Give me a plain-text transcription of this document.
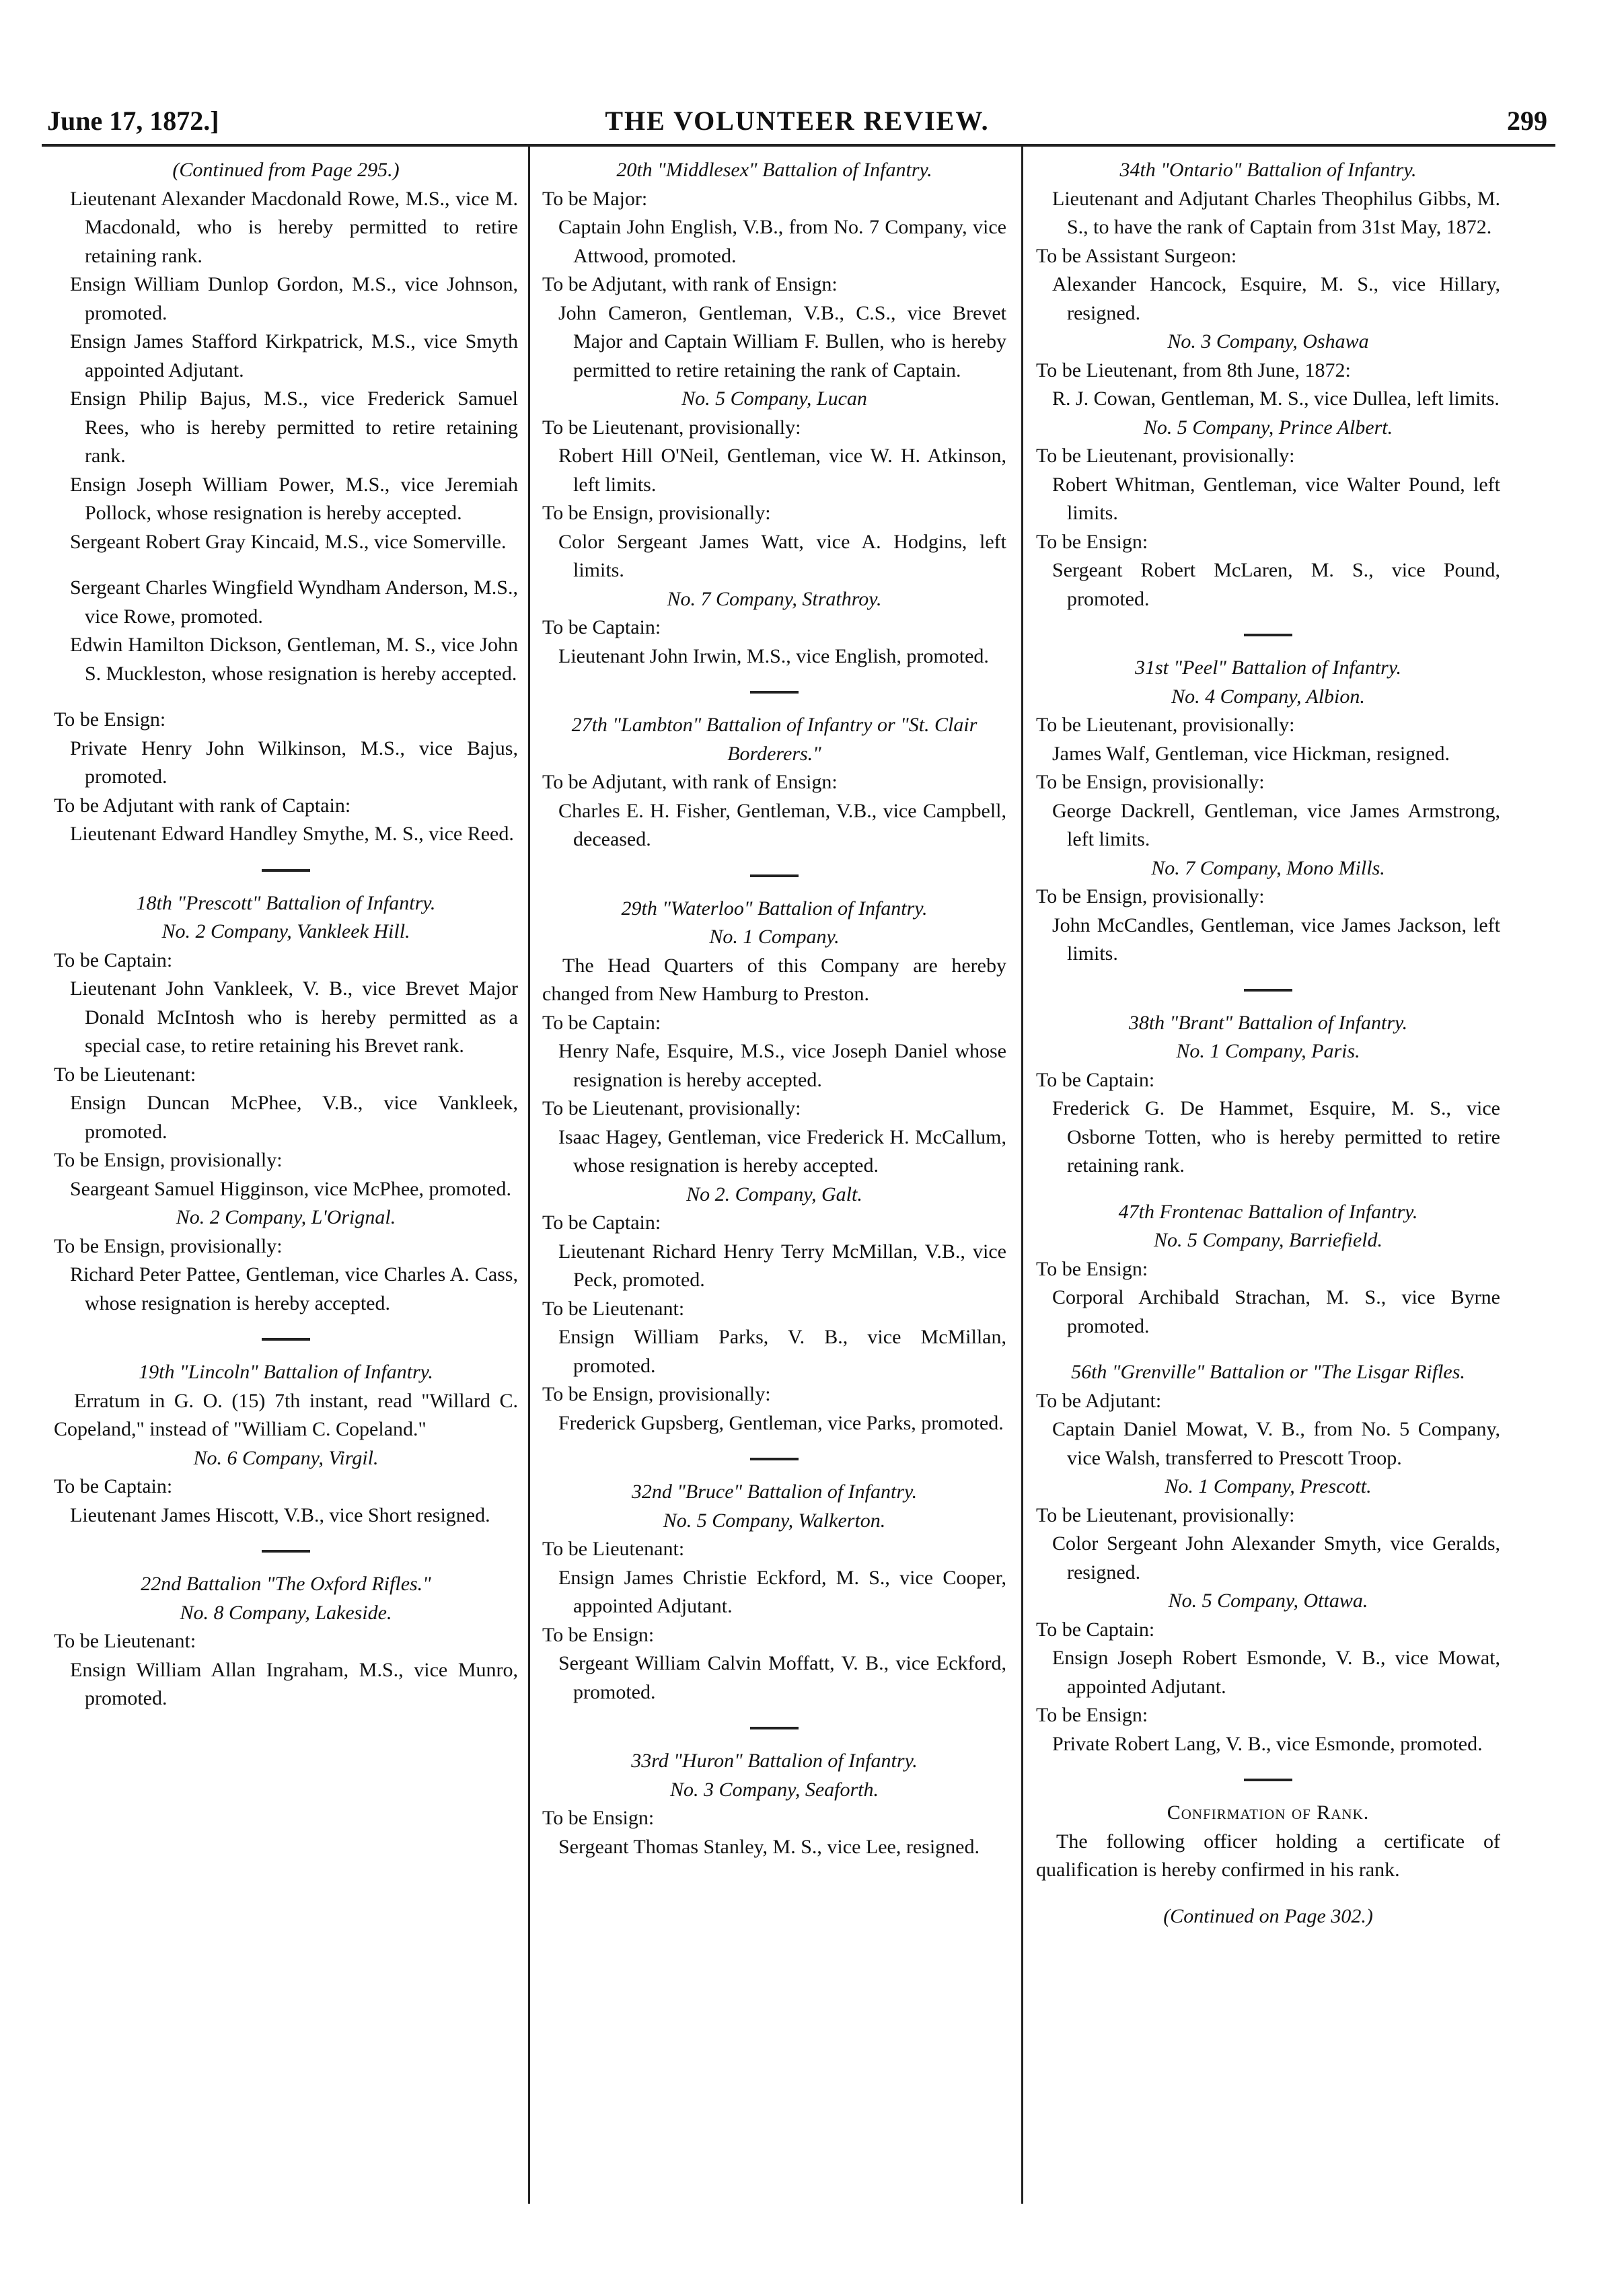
June 17, 1872.]	THE VOLUNTEER REVIEW.	299

(Continued from Page 295.)

Lieutenant Alexander Macdonald Rowe, M.S., vice M. Macdonald, who is hereby permitted to retire retaining rank.

Ensign William Dunlop Gordon, M.S., vice Johnson, promoted.

Ensign James Stafford Kirkpatrick, M.S., vice Smyth appointed Adjutant.

Ensign Philip Bajus, M.S., vice Frederick Samuel Rees, who is hereby permitted to retire retaining rank.

Ensign Joseph William Power, M.S., vice Jeremiah Pollock, whose resignation is hereby accepted.

Sergeant Robert Gray Kincaid, M.S., vice Somerville.

Sergeant Charles Wingfield Wyndham Anderson, M.S., vice Rowe, promoted.

Edwin Hamilton Dickson, Gentleman, M. S., vice John S. Muckleston, whose resignation is hereby accepted.

To be Ensign:

Private Henry John Wilkinson, M.S., vice Bajus, promoted.

To be Adjutant with rank of Captain:

Lieutenant Edward Handley Smythe, M. S., vice Reed.

18th "Prescott" Battalion of Infantry.

No. 2 Company, Vankleek Hill.

To be Captain:

Lieutenant John Vankleek, V. B., vice Brevet Major Donald McIntosh who is hereby permitted as a special case, to retire retaining his Brevet rank.

To be Lieutenant:

Ensign Duncan McPhee, V.B., vice Vankleek, promoted.

To be Ensign, provisionally:

Seargeant Samuel Higginson, vice McPhee, promoted.

No. 2 Company, L'Orignal.

To be Ensign, provisionally:

Richard Peter Pattee, Gentleman, vice Charles A. Cass, whose resignation is hereby accepted.

19th "Lincoln" Battalion of Infantry.

Erratum in G. O. (15) 7th instant, read "Willard C. Copeland," instead of "William C. Copeland."

No. 6 Company, Virgil.

To be Captain:

Lieutenant James Hiscott, V.B., vice Short resigned.

22nd Battalion "The Oxford Rifles."

No. 8 Company, Lakeside.

To be Lieutenant:

Ensign William Allan Ingraham, M.S., vice Munro, promoted.

20th "Middlesex" Battalion of Infantry.

To be Major:

Captain John English, V.B., from No. 7 Company, vice Attwood, promoted.

To be Adjutant, with rank of Ensign:

John Cameron, Gentleman, V.B., C.S., vice Brevet Major and Captain William F. Bullen, who is hereby permitted to retire retaining the rank of Captain.

No. 5 Company, Lucan

To be Lieutenant, provisionally:

Robert Hill O'Neil, Gentleman, vice W. H. Atkinson, left limits.

To be Ensign, provisionally:

Color Sergeant James Watt, vice A. Hodgins, left limits.

No. 7 Company, Strathroy.

To be Captain:

Lieutenant John Irwin, M.S., vice English, promoted.

27th "Lambton" Battalion of Infantry or "St. Clair Borderers."

To be Adjutant, with rank of Ensign:

Charles E. H. Fisher, Gentleman, V.B., vice Campbell, deceased.

29th "Waterloo" Battalion of Infantry.

No. 1 Company.

The Head Quarters of this Company are hereby changed from New Hamburg to Preston.

To be Captain:

Henry Nafe, Esquire, M.S., vice Joseph Daniel whose resignation is hereby accepted.

To be Lieutenant, provisionally:

Isaac Hagey, Gentleman, vice Frederick H. McCallum, whose resignation is hereby accepted.

No 2. Company, Galt.

To be Captain:

Lieutenant Richard Henry Terry McMillan, V.B., vice Peck, promoted.

To be Lieutenant:

Ensign William Parks, V. B., vice McMillan, promoted.

To be Ensign, provisionally:

Frederick Gupsberg, Gentleman, vice Parks, promoted.

32nd "Bruce" Battalion of Infantry.

No. 5 Company, Walkerton.

To be Lieutenant:

Ensign James Christie Eckford, M. S., vice Cooper, appointed Adjutant.

To be Ensign:

Sergeant William Calvin Moffatt, V. B., vice Eckford, promoted.

33rd "Huron" Battalion of Infantry.

No. 3 Company, Seaforth.

To be Ensign:

Sergeant Thomas Stanley, M. S., vice Lee, resigned.

34th "Ontario" Battalion of Infantry.

Lieutenant and Adjutant Charles Theophilus Gibbs, M. S., to have the rank of Captain from 31st May, 1872.

To be Assistant Surgeon:

Alexander Hancock, Esquire, M. S., vice Hillary, resigned.

No. 3 Company, Oshawa

To be Lieutenant, from 8th June, 1872:

R. J. Cowan, Gentleman, M. S., vice Dullea, left limits.

No. 5 Company, Prince Albert.

To be Lieutenant, provisionally:

Robert Whitman, Gentleman, vice Walter Pound, left limits.

To be Ensign:

Sergeant Robert McLaren, M. S., vice Pound, promoted.

31st "Peel" Battalion of Infantry.

No. 4 Company, Albion.

To be Lieutenant, provisionally:

James Walf, Gentleman, vice Hickman, resigned.

To be Ensign, provisionally:

George Dackrell, Gentleman, vice James Armstrong, left limits.

No. 7 Company, Mono Mills.

To be Ensign, provisionally:

John McCandles, Gentleman, vice James Jackson, left limits.

38th "Brant" Battalion of Infantry.

No. 1 Company, Paris.

To be Captain:

Frederick G. De Hammet, Esquire, M. S., vice Osborne Totten, who is hereby permitted to retire retaining rank.

47th Frontenac Battalion of Infantry.

No. 5 Company, Barriefield.

To be Ensign:

Corporal Archibald Strachan, M. S., vice Byrne promoted.

56th "Grenville" Battalion or "The Lisgar Rifles.

To be Adjutant:

Captain Daniel Mowat, V. B., from No. 5 Company, vice Walsh, transferred to Prescott Troop.

No. 1 Company, Prescott.

To be Lieutenant, provisionally:

Color Sergeant John Alexander Smyth, vice Geralds, resigned.

No. 5 Company, Ottawa.

To be Captain:

Ensign Joseph Robert Esmonde, V. B., vice Mowat, appointed Adjutant.

To be Ensign:

Private Robert Lang, V. B., vice Esmonde, promoted.

Confirmation of Rank.

The following officer holding a certificate of qualification is hereby confirmed in his rank.

(Continued on Page 302.)
